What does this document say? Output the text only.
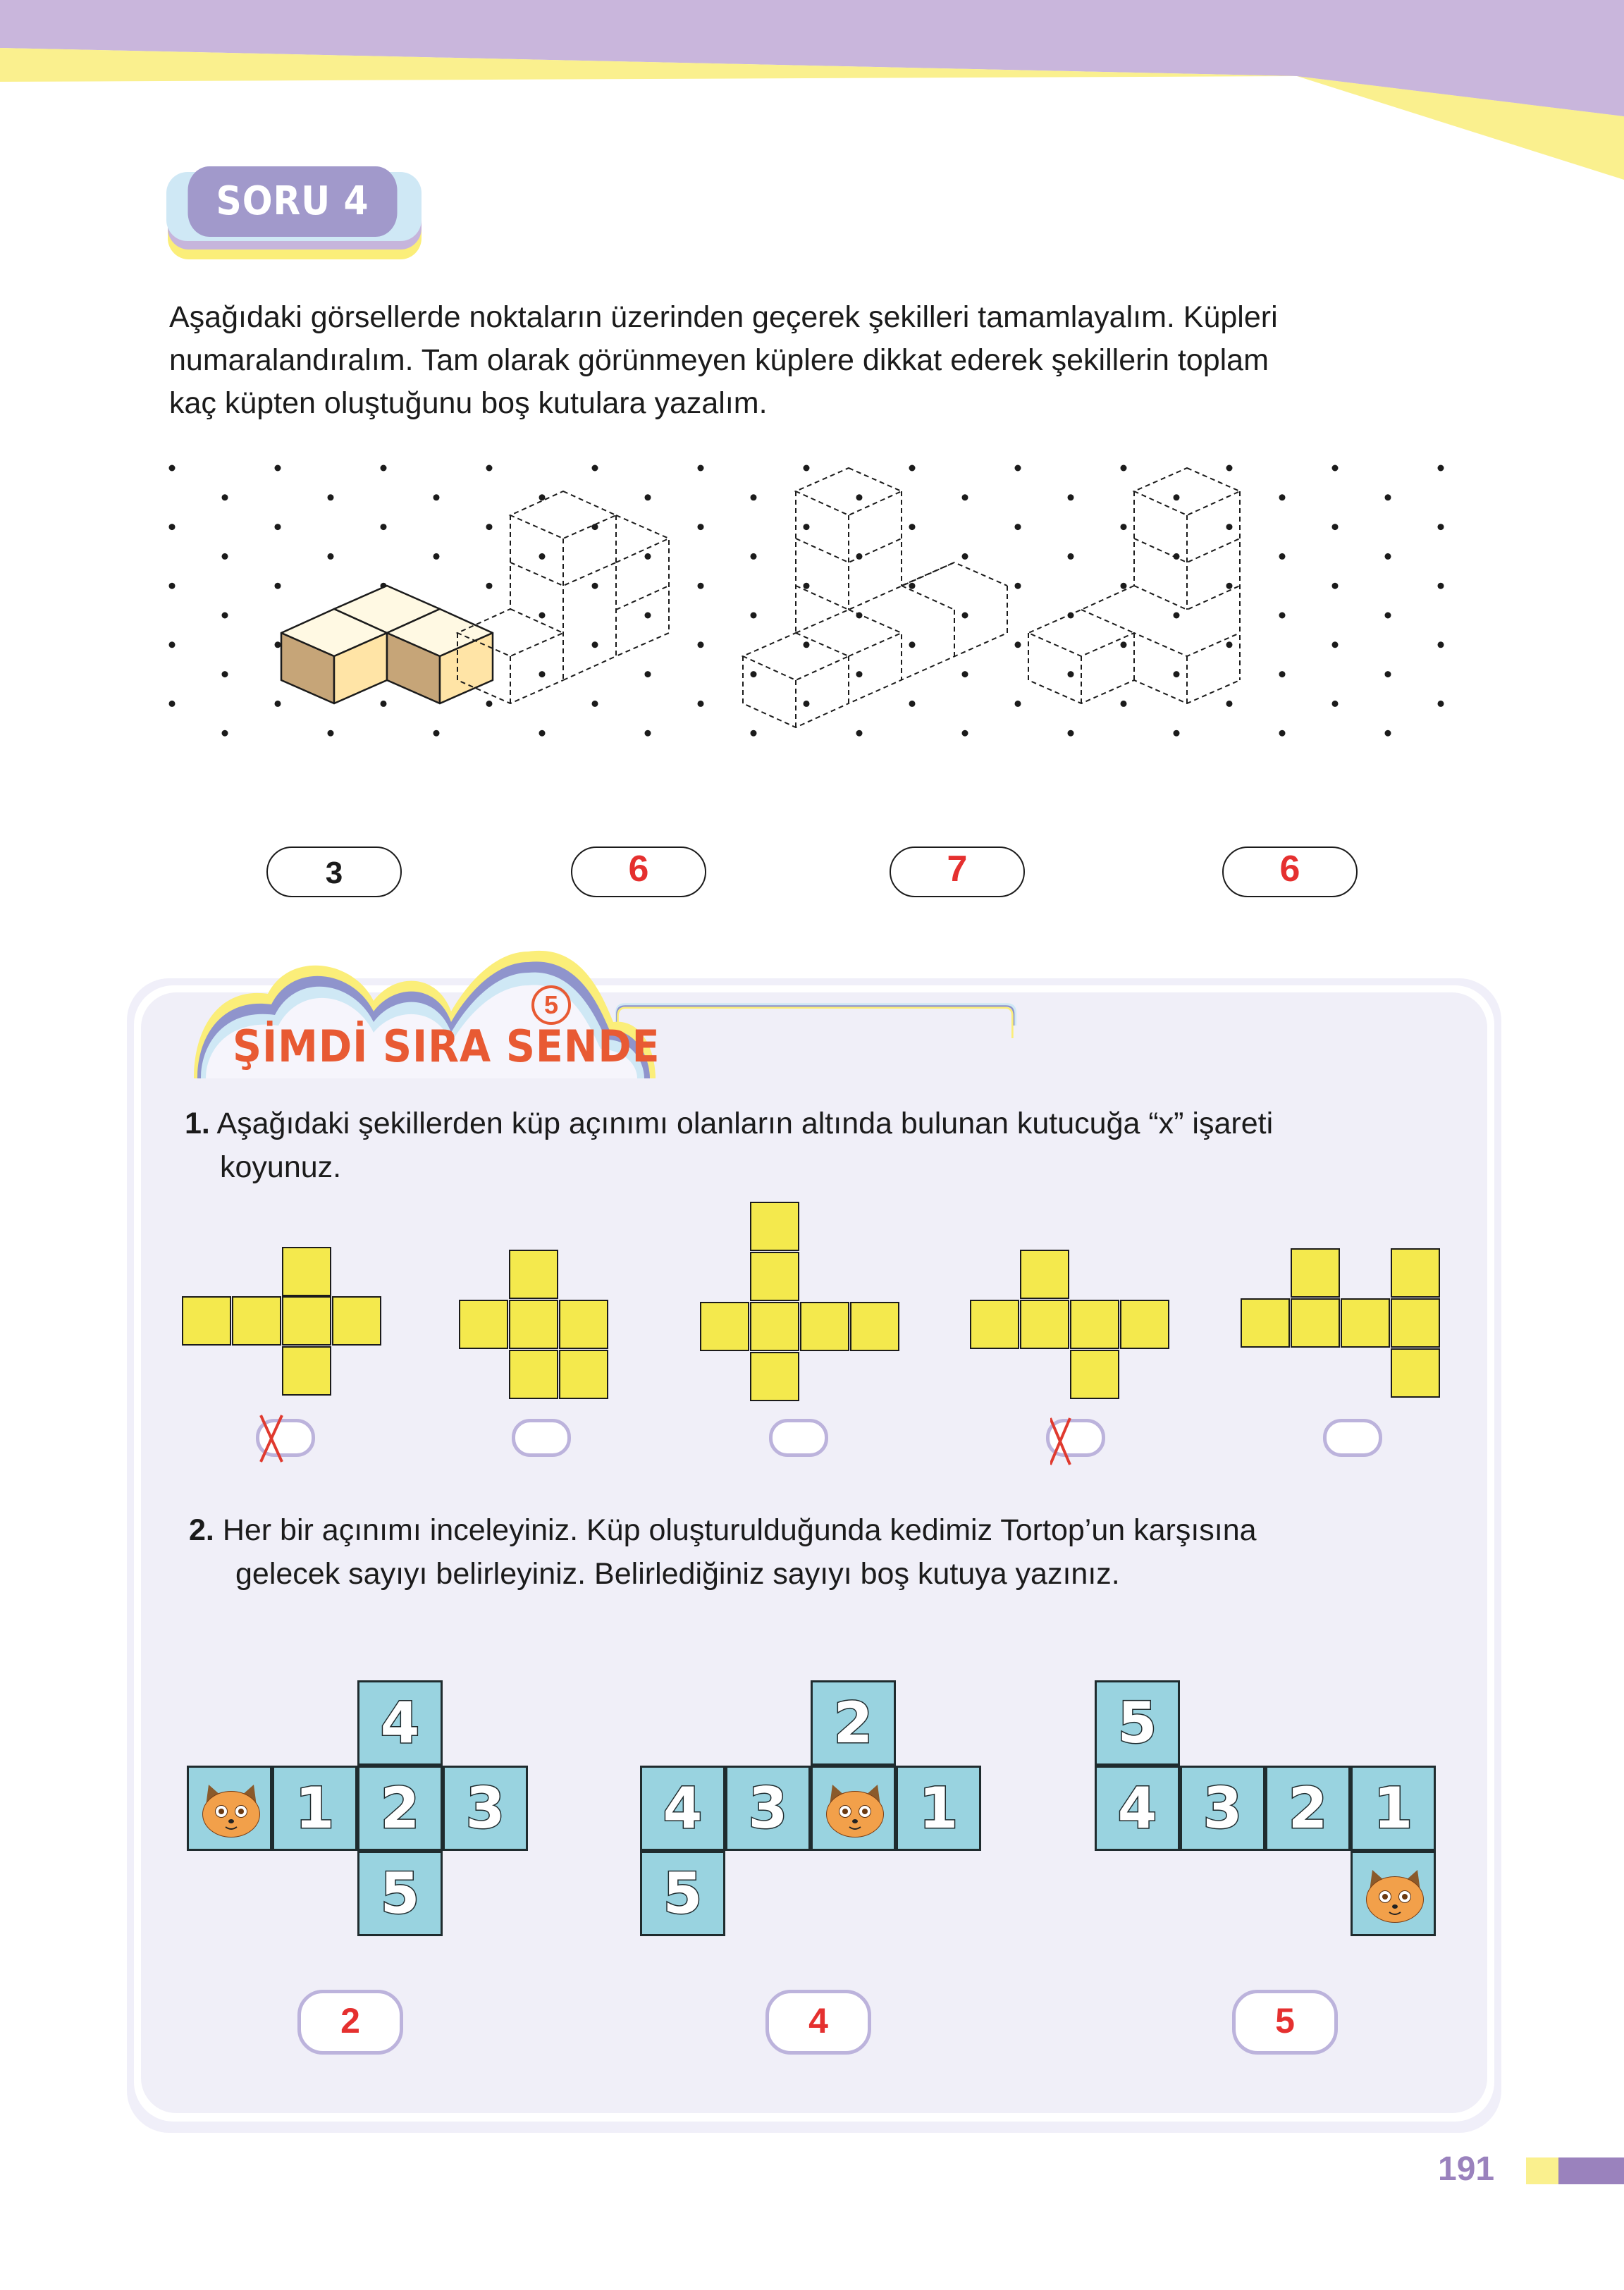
SORU 4
Aşağıdaki görsellerde noktaların üzerinden geçerek şekilleri tamamlayalım. Küpleri
numaralandıralım. Tam olarak görünmeyen küplere dikkat ederek şekillerin toplam
kaç küpten oluştuğunu boş kutulara yazalım.
3	6	7	6
5
ŞİMDİ SIRA SENDE
1. Aşağıdaki şekillerden küp açınımı olanların altında bulunan kutucuğa “x” işareti
koyunuz.
2. Her bir açınımı inceleyiniz. Küp oluşturulduğunda kedimiz Tortop’un karşısına
gelecek sayıyı belirleyiniz. Belirlediğiniz sayıyı boş kutuya yazınız.
4
1 2 3
5
2
4 3	1
5
5
4 3 2 1
2	4	5
191
